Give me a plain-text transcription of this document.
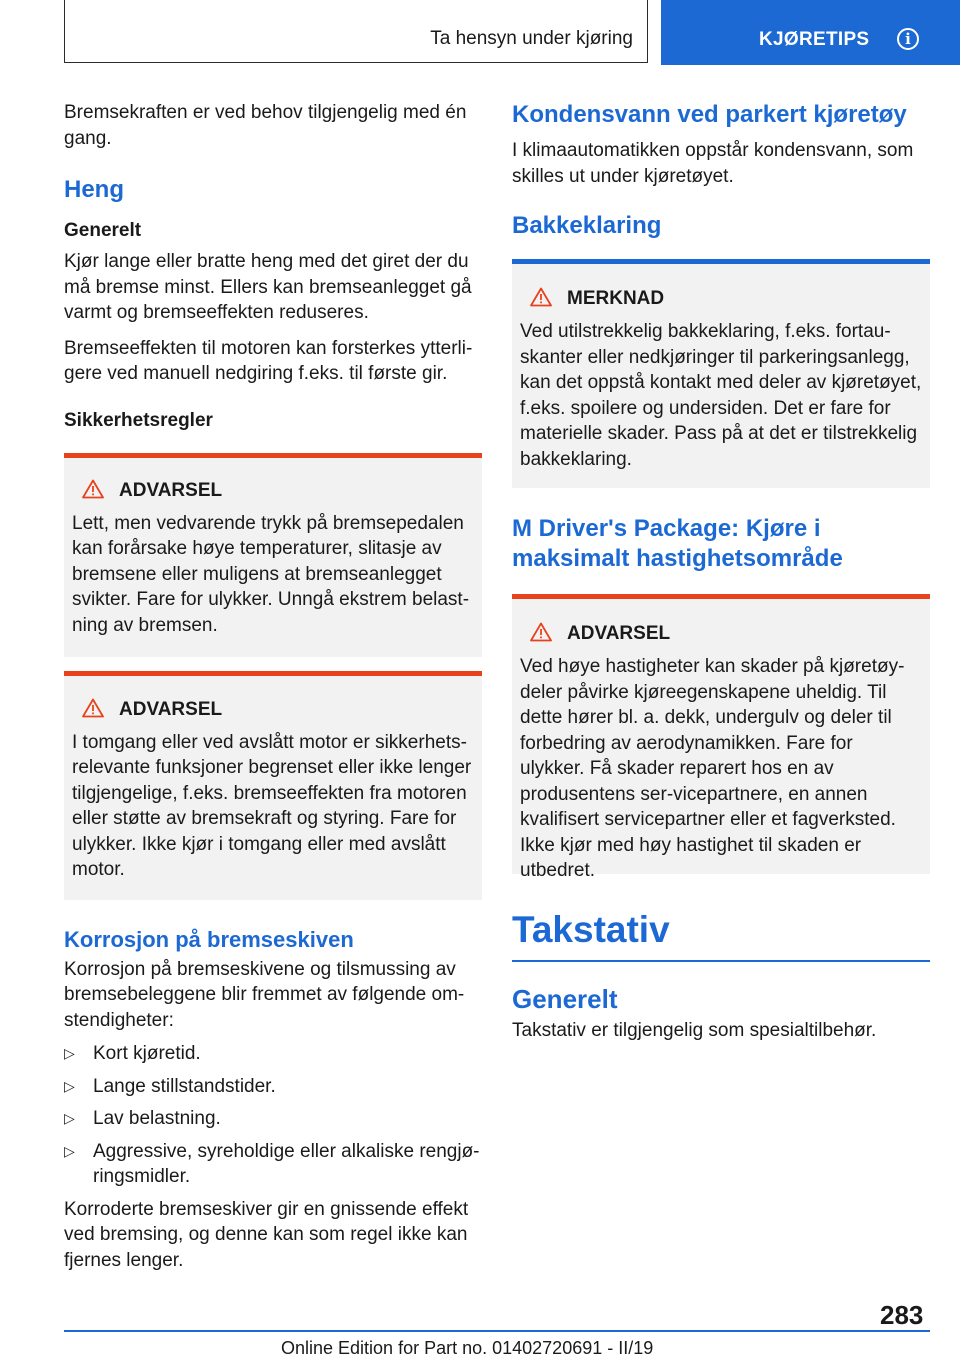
Ta hensyn under kjøring	KJØRETIPS	i

Bremsekraften er ved behov tilgjengelig med én gang.

Heng
Generelt

Kjør lange eller bratte heng med det giret der du må bremse minst. Ellers kan bremseanlegget gå varmt og bremseeffekten reduseres.

Bremseeffekten til motoren kan forsterkes ytterli‐gere ved manuell nedgiring f.eks. til første gir.

Sikkerhetsregler
ADVARSEL

Lett, men vedvarende trykk på bremsepedalen kan forårsake høye temperaturer, slitasje av bremsene eller muligens at bremseanlegget svikter. Fare for ulykker. Unngå ekstrem belast‐ning av bremsen.

ADVARSEL

I tomgang eller ved avslått motor er sikkerhets‐relevante funksjoner begrenset eller ikke lenger tilgjengelige, f.eks. bremseeffekten fra motoren eller støtte av bremsekraft og styring. Fare for ulykker. Ikke kjør i tomgang eller med avslått motor.

Korrosjon på bremseskiven

Korrosjon på bremseskivene og tilsmussing av bremsebeleggene blir fremmet av følgende om‐stendigheter:

▷ Kort kjøretid.
▷ Lange stillstandstider.
▷ Lav belastning.
▷ Aggressive, syreholdige eller alkaliske rengjø‐ringsmidler.

Korroderte bremseskiver gir en gnissende effekt ved bremsing, og denne kan som regel ikke kan fjernes lenger.

Kondensvann ved parkert kjøretøy

I klimaautomatikken oppstår kondensvann, som skilles ut under kjøretøyet.

Bakkeklaring
MERKNAD

Ved utilstrekkelig bakkeklaring, f.eks. fortau‐skanter eller nedkjøringer til parkeringsanlegg, kan det oppstå kontakt med deler av kjøretøyet, f.eks. spoilere og undersiden. Det er fare for materielle skader. Pass på at det er tilstrekkelig bakkeklaring.

M Driver's Package: Kjøre i maksimalt hastighetsområde
ADVARSEL

Ved høye hastigheter kan skader på kjøretøy‐deler påvirke kjøreegenskapene uheldig. Til dette hører bl. a. dekk, undergulv og deler til forbedring av aerodynamikken. Fare for ulykker. Få skader reparert hos en av produsentens ser‐vicepartnere, en annen kvalifisert servicepartner eller et fagverksted. Ikke kjør med høy hastighet til skaden er utbedret.

Takstativ
Generelt

Takstativ er tilgjengelig som spesialtilbehør.

283
Online Edition for Part no. 01402720691 - II/19
